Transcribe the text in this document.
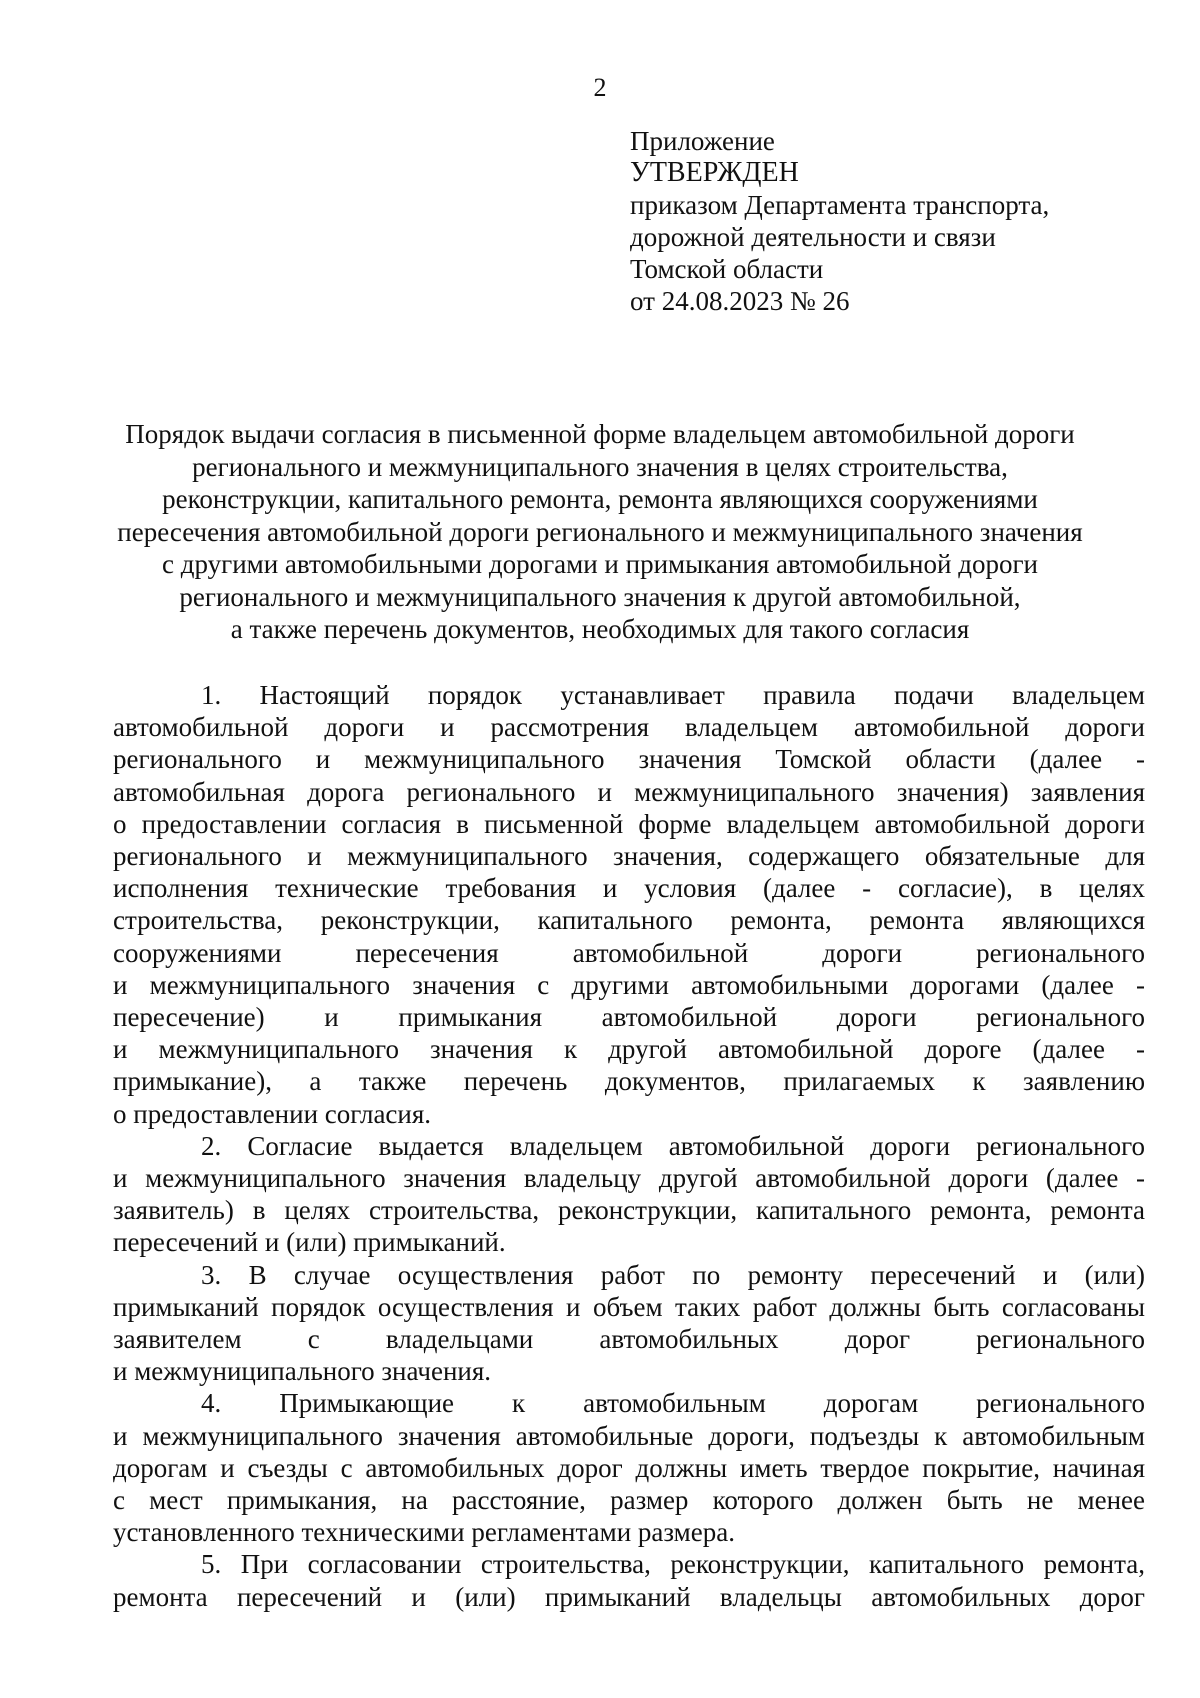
2
Приложение
УТВЕРЖДЕН
приказом Департамента транспорта,
дорожной деятельности и связи
Томской области
от 24.08.2023 № 26
Порядок выдачи согласия в письменной форме владельцем автомобильной дороги
регионального и межмуниципального значения в целях строительства,
реконструкции, капитального ремонта, ремонта являющихся сооружениями
пересечения автомобильной дороги регионального и межмуниципального значения
с другими автомобильными дорогами и примыкания автомобильной дороги
регионального и межмуниципального значения к другой автомобильной,
а также перечень документов, необходимых для такого согласия
1. Настоящий порядок устанавливает правила подачи владельцем
автомобильной дороги и рассмотрения владельцем автомобильной дороги
регионального и межмуниципального значения Томской области (далее -
автомобильная дорога регионального и межмуниципального значения) заявления
о предоставлении согласия в письменной форме владельцем автомобильной дороги
регионального и межмуниципального значения, содержащего обязательные для
исполнения технические требования и условия (далее - согласие), в целях
строительства, реконструкции, капитального ремонта, ремонта являющихся
сооружениями пересечения автомобильной дороги регионального
и межмуниципального значения с другими автомобильными дорогами (далее -
пересечение) и примыкания автомобильной дороги регионального
и межмуниципального значения к другой автомобильной дороге (далее -
примыкание), а также перечень документов, прилагаемых к заявлению
о предоставлении согласия.
2. Согласие выдается владельцем автомобильной дороги регионального
и межмуниципального значения владельцу другой автомобильной дороги (далее -
заявитель) в целях строительства, реконструкции, капитального ремонта, ремонта
пересечений и (или) примыканий.
3. В случае осуществления работ по ремонту пересечений и (или)
примыканий порядок осуществления и объем таких работ должны быть согласованы
заявителем с владельцами автомобильных дорог регионального
и межмуниципального значения.
4. Примыкающие к автомобильным дорогам регионального
и межмуниципального значения автомобильные дороги, подъезды к автомобильным
дорогам и съезды с автомобильных дорог должны иметь твердое покрытие, начиная
с мест примыкания, на расстояние, размер которого должен быть не менее
установленного техническими регламентами размера.
5. При согласовании строительства, реконструкции, капитального ремонта,
ремонта пересечений и (или) примыканий владельцы автомобильных дорог
